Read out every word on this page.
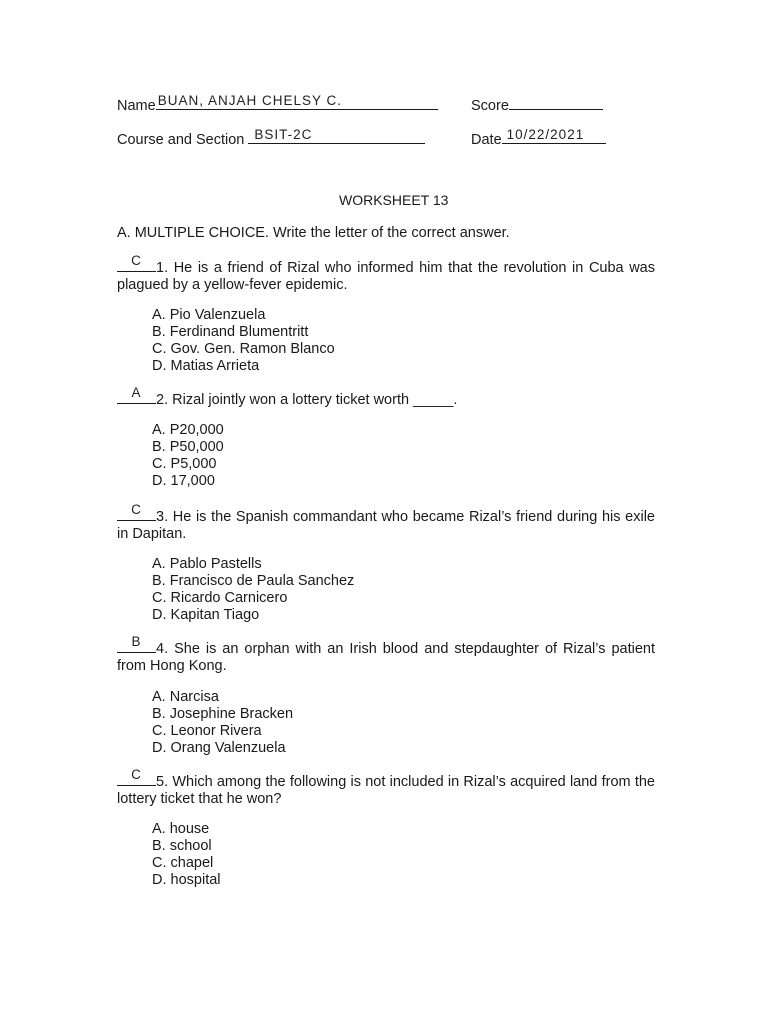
Name BUAN, ANJAH CHELSY C.	Score
Course and Section BSIT-2C	Date 10/22/2021
WORKSHEET 13
A. MULTIPLE CHOICE. Write the letter of the correct answer.
C 1. He is a friend of Rizal who informed him that the revolution in Cuba was plagued by a yellow-fever epidemic.
A. Pio Valenzuela
B. Ferdinand Blumentritt
C. Gov. Gen. Ramon Blanco
D. Matias Arrieta
A	2. Rizal jointly won a lottery ticket worth _____.
A. P20,000
B. P50,000
C. P5,000
D. 17,000
C 3. He is the Spanish commandant who became Rizal’s friend during his exile in Dapitan.
A. Pablo Pastells
B. Francisco de Paula Sanchez
C. Ricardo Carnicero
D. Kapitan Tiago
B	4. She is an orphan with an Irish blood and stepdaughter of Rizal’s patient from Hong Kong.
A. Narcisa
B. Josephine Bracken
C. Leonor Rivera
D. Orang Valenzuela
C 5. Which among the following is not included in Rizal’s acquired land from the lottery ticket that he won?
A. house
B. school
C. chapel
D. hospital
